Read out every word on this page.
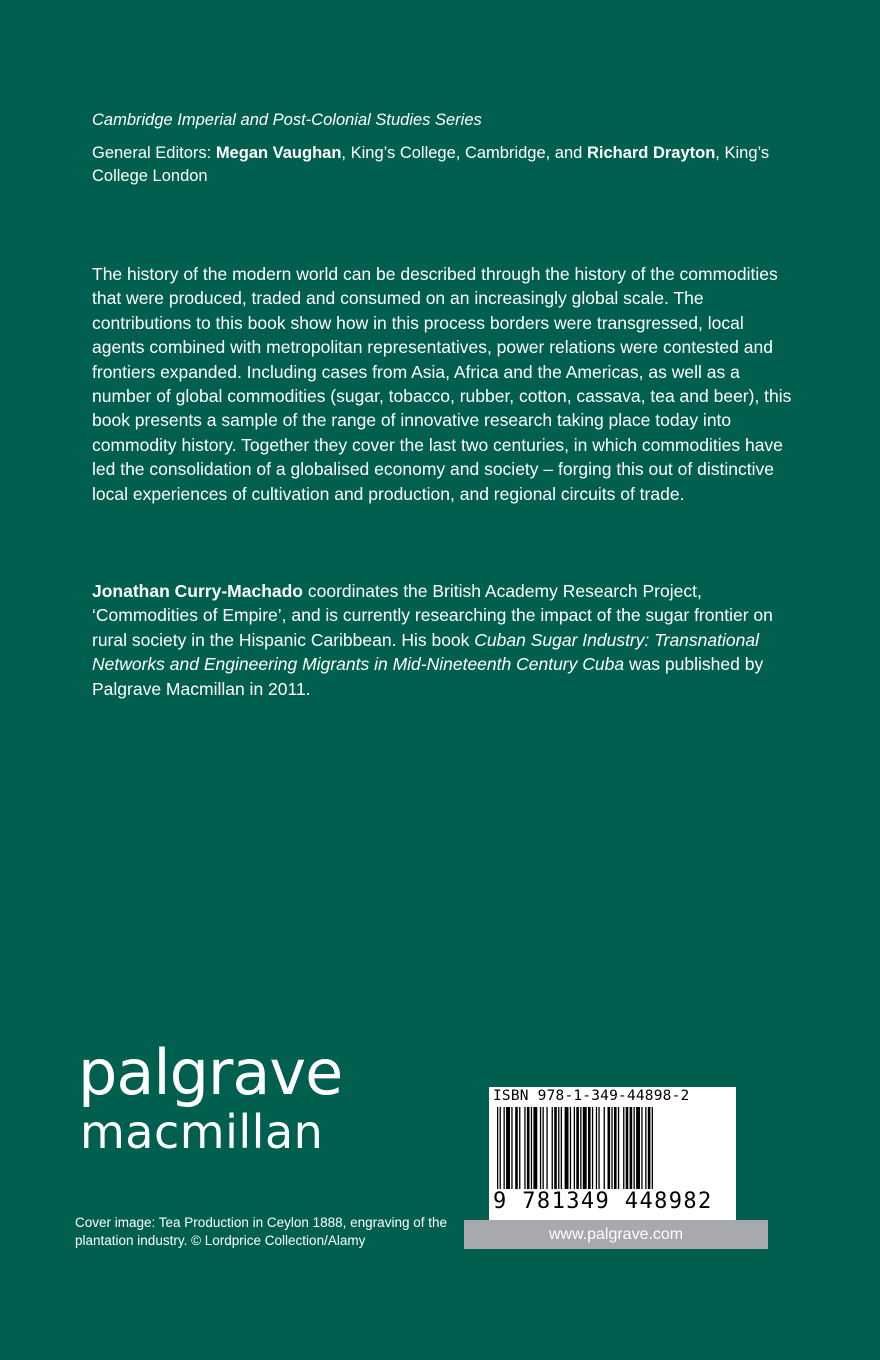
Cambridge Imperial and Post-Colonial Studies Series

General Editors: Megan Vaughan, King’s College, Cambridge, and Richard Drayton, King’s College London

The history of the modern world can be described through the history of the commodities that were produced, traded and consumed on an increasingly global scale. The contributions to this book show how in this process borders were transgressed, local agents combined with metropolitan representatives, power relations were contested and frontiers expanded. Including cases from Asia, Africa and the Americas, as well as a number of global commodities (sugar, tobacco, rubber, cotton, cassava, tea and beer), this book presents a sample of the range of innovative research taking place today into commodity history. Together they cover the last two centuries, in which commodities have led the consolidation of a globalised economy and society – forging this out of distinctive local experiences of cultivation and production, and regional circuits of trade.

Jonathan Curry-Machado coordinates the British Academy Research Project, ‘Commodities of Empire’, and is currently researching the impact of the sugar frontier on rural society in the Hispanic Caribbean. His book Cuban Sugar Industry: Transnational Networks and Engineering Migrants in Mid-Nineteenth Century Cuba was published by Palgrave Macmillan in 2011.

palgrave
macmillan

Cover image: Tea Production in Ceylon 1888, engraving of the plantation industry. © Lordprice Collection/Alamy

ISBN 978-1-349-44898-2
9 781349 448982
www.palgrave.com
